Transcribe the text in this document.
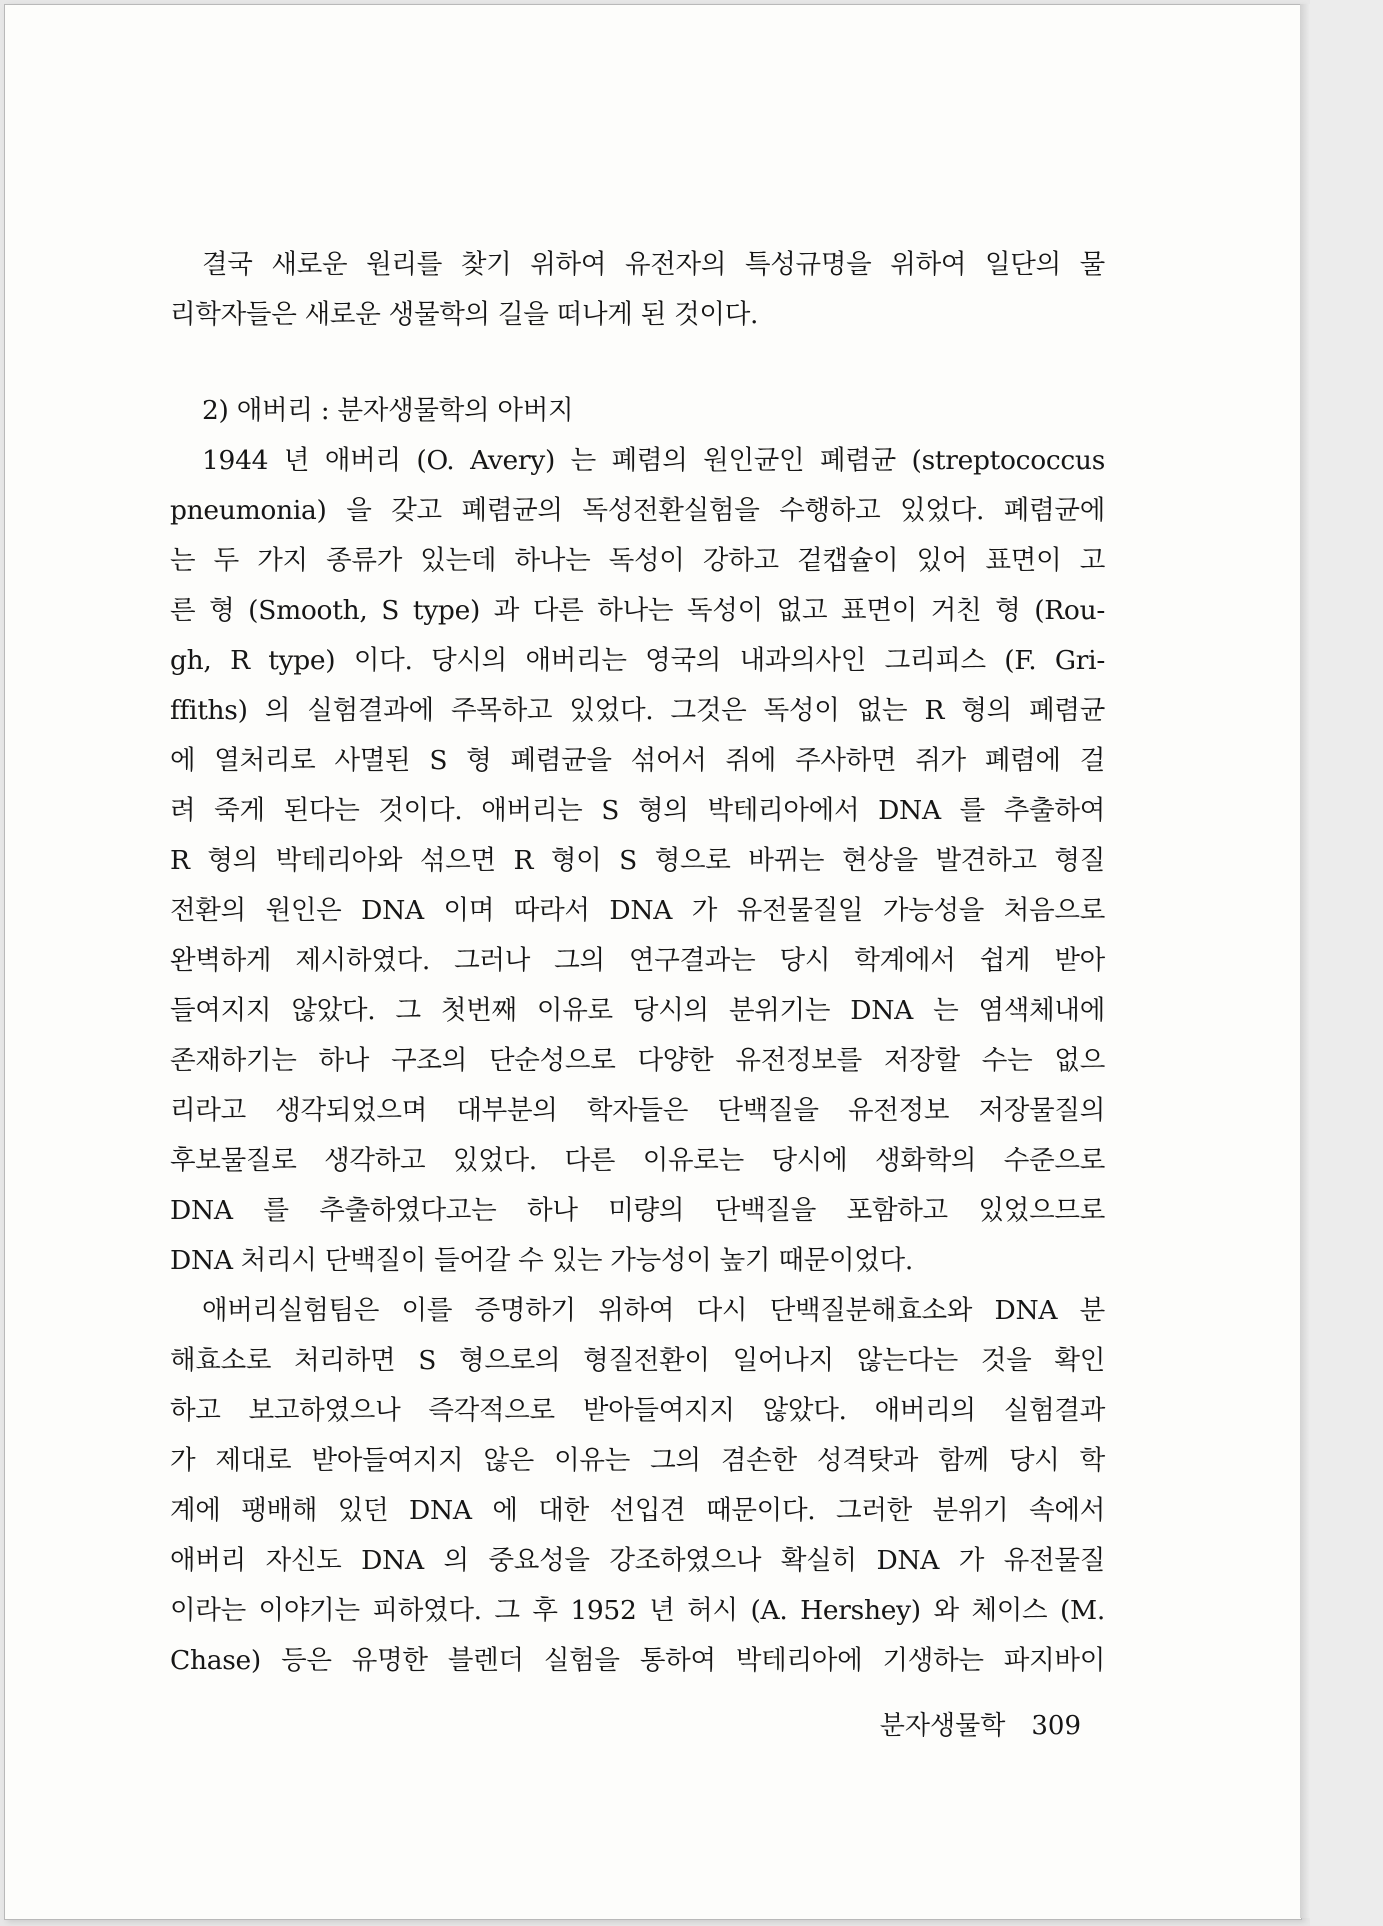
결국 새로운 원리를 찾기 위하여 유전자의 특성규명을 위하여 일단의 물
리학자들은 새로운 생물학의 길을 떠나게 된 것이다.
2) 애버리 : 분자생물학의 아버지
1944 년 애버리 (O. Avery) 는 폐렴의 원인균인 폐렴균 (streptococcus
pneumonia) 을 갖고 폐렴균의 독성전환실험을 수행하고 있었다. 폐렴균에
는 두 가지 종류가 있는데 하나는 독성이 강하고 겉캡슐이 있어 표면이 고
른 형 (Smooth, S type) 과 다른 하나는 독성이 없고 표면이 거친 형 (Rou-
gh, R type) 이다. 당시의 애버리는 영국의 내과의사인 그리피스 (F. Gri-
ffiths) 의 실험결과에 주목하고 있었다. 그것은 독성이 없는 R 형의 폐렴균
에 열처리로 사멸된 S 형 폐렴균을 섞어서 쥐에 주사하면 쥐가 폐렴에 걸
려 죽게 된다는 것이다. 애버리는 S 형의 박테리아에서 DNA 를 추출하여
R 형의 박테리아와 섞으면 R 형이 S 형으로 바뀌는 현상을 발견하고 형질
전환의 원인은 DNA 이며 따라서 DNA 가 유전물질일 가능성을 처음으로
완벽하게 제시하였다. 그러나 그의 연구결과는 당시 학계에서 쉽게 받아
들여지지 않았다. 그 첫번째 이유로 당시의 분위기는 DNA 는 염색체내에
존재하기는 하나 구조의 단순성으로 다양한 유전정보를 저장할 수는 없으
리라고 생각되었으며 대부분의 학자들은 단백질을 유전정보 저장물질의
후보물질로 생각하고 있었다. 다른 이유로는 당시에 생화학의 수준으로
DNA 를 추출하였다고는 하나 미량의 단백질을 포함하고 있었으므로
DNA 처리시 단백질이 들어갈 수 있는 가능성이 높기 때문이었다.
애버리실험팀은 이를 증명하기 위하여 다시 단백질분해효소와 DNA 분
해효소로 처리하면 S 형으로의 형질전환이 일어나지 않는다는 것을 확인
하고 보고하였으나 즉각적으로 받아들여지지 않았다. 애버리의 실험결과
가 제대로 받아들여지지 않은 이유는 그의 겸손한 성격탓과 함께 당시 학
계에 팽배해 있던 DNA 에 대한 선입견 때문이다. 그러한 분위기 속에서
애버리 자신도 DNA 의 중요성을 강조하였으나 확실히 DNA 가 유전물질
이라는 이야기는 피하였다. 그 후 1952 년 허시 (A. Hershey) 와 체이스 (M.
Chase) 등은 유명한 블렌더 실험을 통하여 박테리아에 기생하는 파지바이
분자생물학 309
